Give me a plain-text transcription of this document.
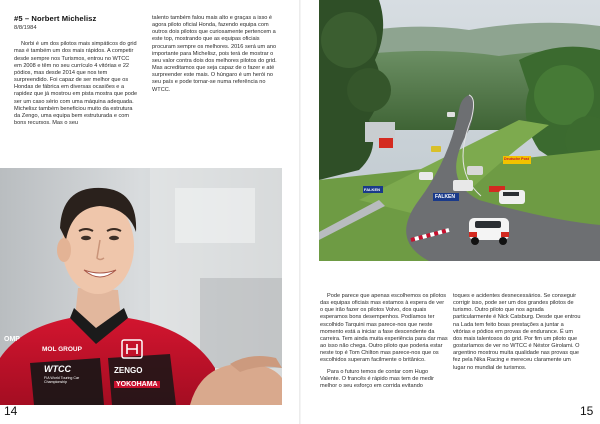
#5 – Norbert Michelisz
8/8/1984

Norbi é um dos pilotos mais simpáticos do grid mas é também um dos mais rápidos. A competir desde sempre nos Turismos, entrou no WTCC em 2008 e têm no seu currículo 4 vitórias e 22 pódios, mas desde 2014 que nos tem surpreendido. Foi capaz de ser melhor que os Hondas de fábrica em diversas ocasiões e a rapidez que já mostrou em pista mostra que pode ser um caso sério com uma máquina adequada. Michelisz também beneficiou muito da estrutura da Zengo, uma equipa bem estruturada e com bons recursos. Mas o seu

talento também falou mais alto e graças a isso é agora piloto oficial Honda, fazendo equipa com outros dois pilotos que curiosamente pertencem a este top, mostrando que as equipas oficiais procuram sempre os melhores. 2016 será um ano importante para Michelisz, pois terá de mostrar o seu valor contra dois dos melhores pilotos do grid. Mas acreditamos que seja capaz de o fazer e até surpreender este mais. O húngaro é um herói no seu país e pode tornar-se numa referência no WTCC.

OMP
MOL GROUP
WTCC
FIA World Touring Car Championship
ZENGO
YOKOHAMA
14
FALKEN
FALKEN
Deutsche Post

Pode parece que apenas escolhemos os pilotos das equipas oficiais mas estamos à espera de ver o que irão fazer os pilotos Volvo, dos quais esperamos bons desempenhos. Podíamos ter escolhido Tarquini mas parece-nos que neste momento está a iniciar a fase descendente da carreira. Tem ainda muita experiência para dar mas ao isso não chega. Outro piloto que poderia estar neste top é Tom Chilton mas parece-nos que os escolhidos superam facilmente o britânico.

Para o futuro temos de contar com Hugo Valente. O francês é rápido mas tem de medir melhor o seu esforço em corrida evitando

toques e acidentes desnecessários. Se conseguir corrigir isso, pode ser um dos grandes pilotos de turismo. Outro piloto que nos agrada particularmente é Nick Catsburg. Desde que entrou na Lada tem feito boas prestações a juntar a vitórias e pódios em provas de endurance. É um dos mais talentosos do grid. Por fim um piloto que gostaríamos de ver no WTCC é Néstor Girolami. O argentino mostrou muita qualidade nas provas que fez pela Nika Racing e mereceu claramente um lugar no mundial de turismos.

15
